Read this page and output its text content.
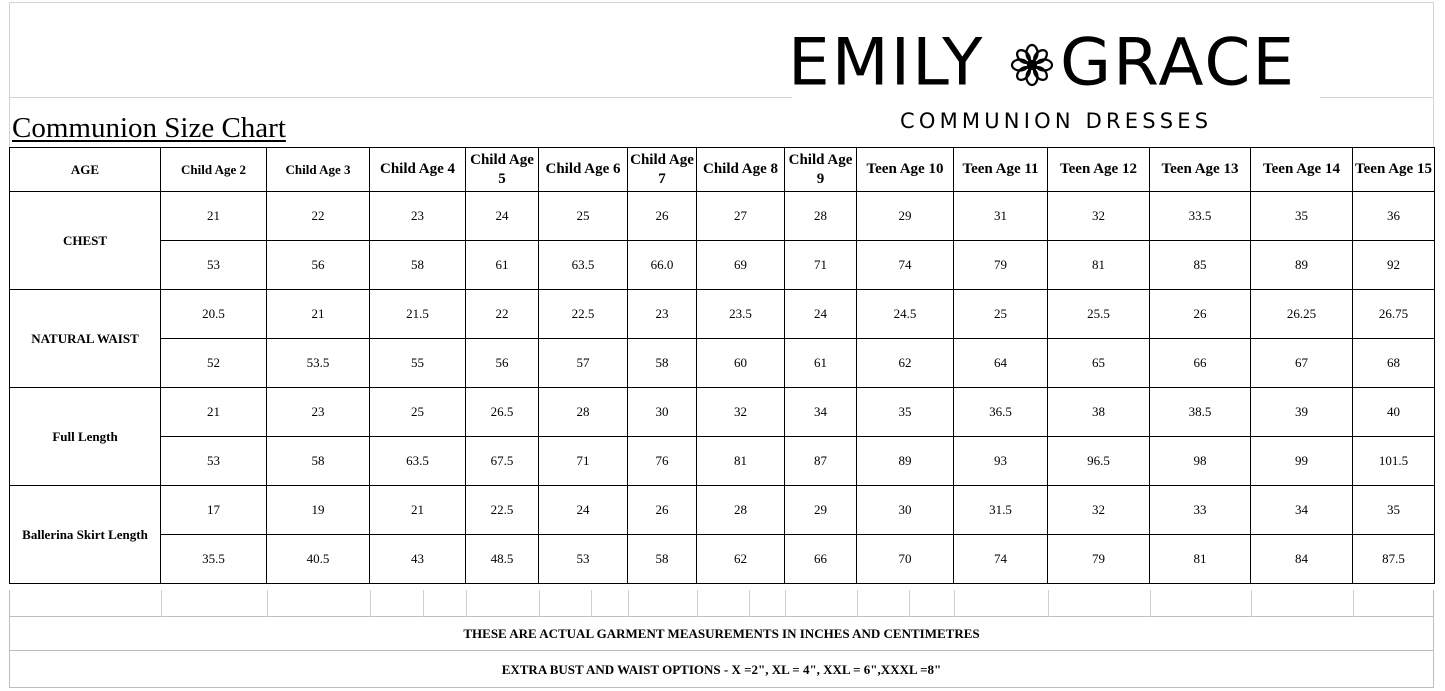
Communion Size Chart
EMILY GRACE
COMMUNION DRESSES
AGE	Child Age 2	Child Age 3	Child Age 4	Child Age 5	Child Age 6	Child Age 7	Child Age 8	Child Age 9	Teen Age 10	Teen Age 11	Teen Age 12	Teen Age 13	Teen Age 14	Teen Age 15
CHEST	21	22	23	24	25	26	27	28	29	31	32	33.5	35	36
	53	56	58	61	63.5	66.0	69	71	74	79	81	85	89	92
NATURAL WAIST	20.5	21	21.5	22	22.5	23	23.5	24	24.5	25	25.5	26	26.25	26.75
	52	53.5	55	56	57	58	60	61	62	64	65	66	67	68
Full Length	21	23	25	26.5	28	30	32	34	35	36.5	38	38.5	39	40
	53	58	63.5	67.5	71	76	81	87	89	93	96.5	98	99	101.5
Ballerina Skirt Length	17	19	21	22.5	24	26	28	29	30	31.5	32	33	34	35
	35.5	40.5	43	48.5	53	58	62	66	70	74	79	81	84	87.5
THESE ARE ACTUAL GARMENT MEASUREMENTS IN INCHES AND CENTIMETRES
EXTRA BUST AND WAIST OPTIONS - X =2", XL = 4", XXL = 6",XXXL =8"
